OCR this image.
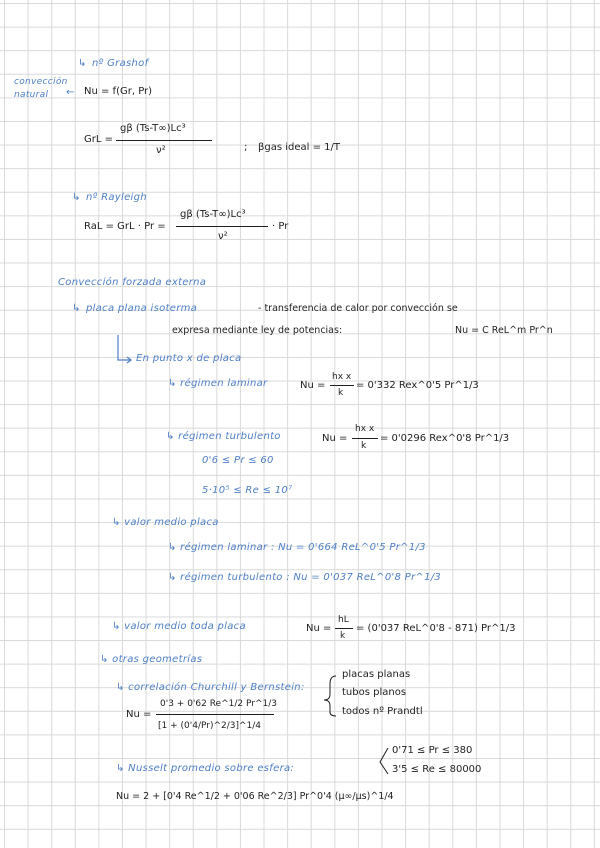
↳ nº Grashof
convección natural	← Nu = f(Gr, Pr)
GrL =
gβ (Ts-T∞)Lc³
ν²	; βgas ideal = 1/T
↳ nº Rayleigh
RaL = GrL · Pr =
gβ (Ts-T∞)Lc³
ν²
· Pr
Convección forzada externa
↳ placa plana isoterma	- transferencia de calor por convección se
expresa mediante ley de potencias:	Nu = C ReL^m Pr^n
En punto x de placa
↳ régimen laminar	Nu =
hx x
k
= 0'332 Rex^0'5 Pr^1/3
↳ régimen turbulento	Nu =
hx x
k
= 0'0296 Rex^0'8 Pr^1/3
0'6 ≤ Pr ≤ 60
5·10⁵ ≤ Re ≤ 10⁷
↳ valor medio placa
↳ régimen laminar : Nu = 0'664 ReL^0'5 Pr^1/3
↳ régimen turbulento : Nu = 0'037 ReL^0'8 Pr^1/3
↳ valor medio toda placa	Nu =
hL
k
= (0'037 ReL^0'8 - 871) Pr^1/3
↳ otras geometrías
↳ correlación Churchill y Bernstein:
Nu =
0'3 + 0'62 Re^1/2 Pr^1/3
[1 + (0'4/Pr)^2/3]^1/4
placas planas
tubos planos
todos nº Prandtl
↳ Nusselt promedio sobre esfera:
0'71 ≤ Pr ≤ 380
3'5 ≤ Re ≤ 80000
Nu = 2 + [0'4 Re^1/2 + 0'06 Re^2/3] Pr^0'4 (μ∞/μs)^1/4
